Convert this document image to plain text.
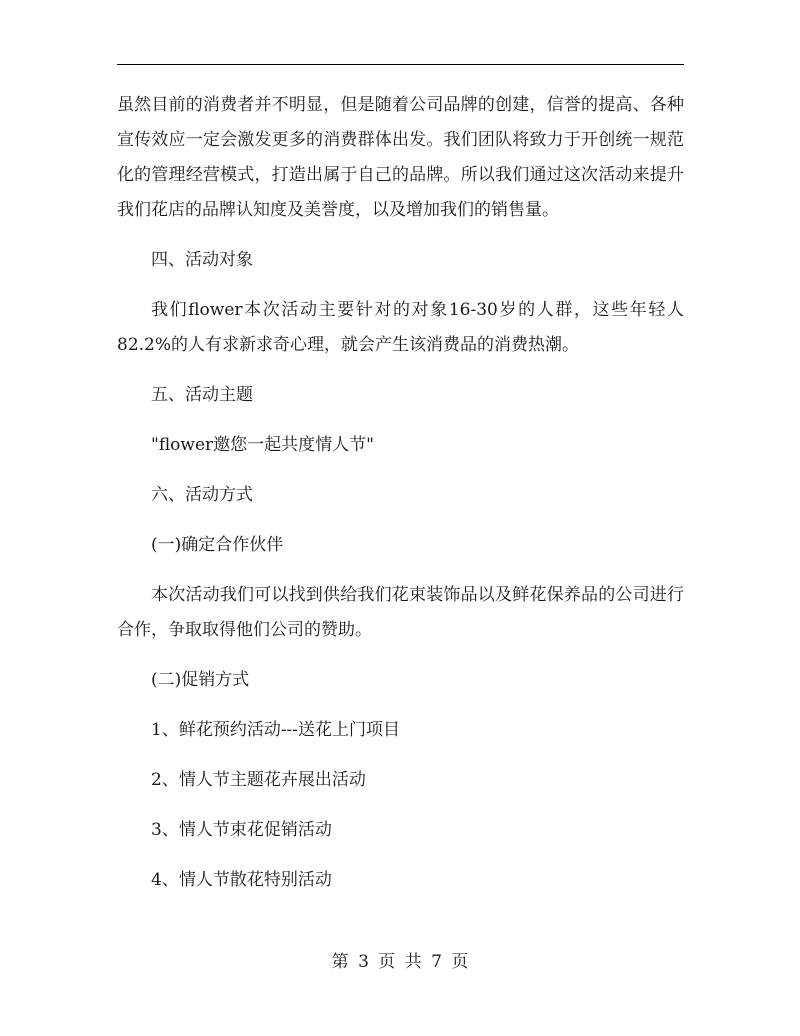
虽然目前的消费者并不明显，但是随着公司品牌的创建，信誉的提高、各种宣传效应一定会激发更多的消费群体出发。我们团队将致力于开创统一规范化的管理经营模式，打造出属于自己的品牌。所以我们通过这次活动来提升我们花店的品牌认知度及美誉度，以及增加我们的销售量。

四、活动对象

我们flower本次活动主要针对的对象16-30岁的人群，这些年轻人82.2%的人有求新求奇心理，就会产生该消费品的消费热潮。

五、活动主题

"flower邀您一起共度情人节"

六、活动方式

(一)确定合作伙伴

本次活动我们可以找到供给我们花束装饰品以及鲜花保养品的公司进行合作，争取取得他们公司的赞助。

(二)促销方式

1、鲜花预约活动---送花上门项目

2、情人节主题花卉展出活动

3、情人节束花促销活动

4、情人节散花特别活动

第 3 页 共 7 页
